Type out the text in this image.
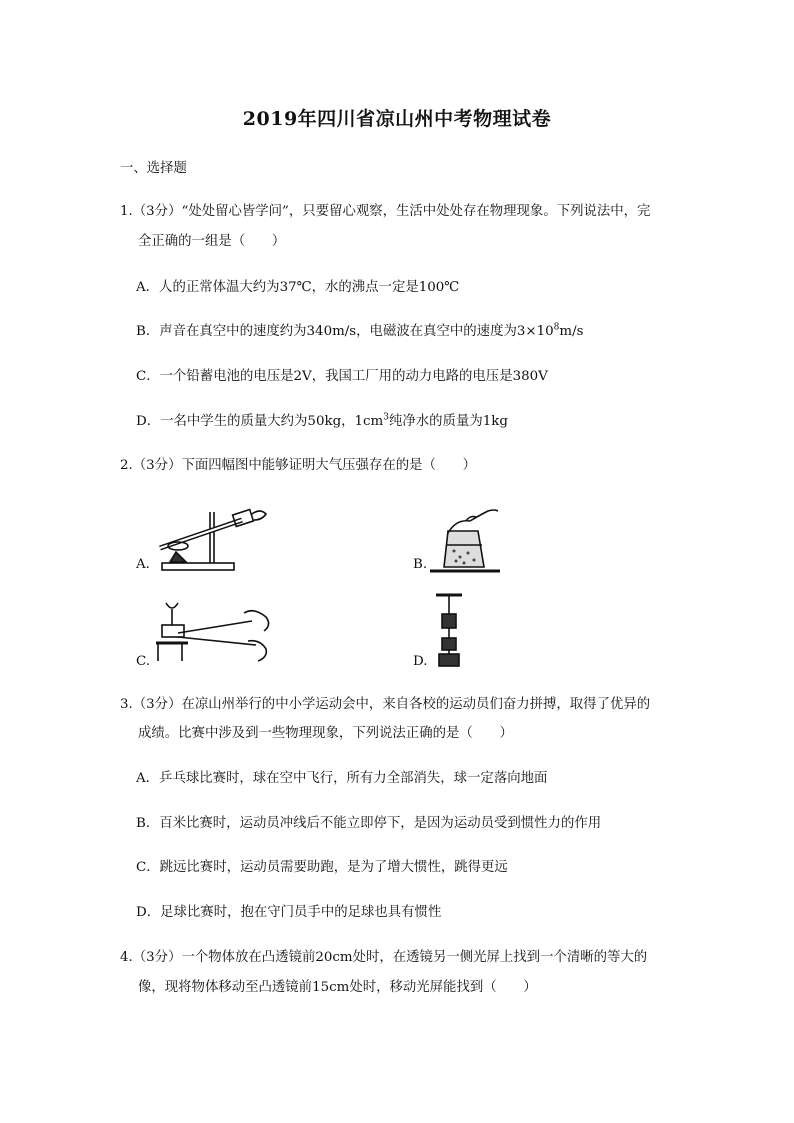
2019年四川省凉山州中考物理试卷
一、选择题
1.（3分）“处处留心皆学问”，只要留心观察，生活中处处存在物理现象。下列说法中，完
全正确的一组是（　　）
A．人的正常体温大约为37℃，水的沸点一定是100℃
B．声音在真空中的速度约为340m/s，电磁波在真空中的速度为$3\times 10^8m/s$
C．一个铅蓄电池的电压是2V，我国工厂用的动力电路的电压是380V
D．一名中学生的质量大约为50kg，$1cm^3$纯净水的质量为1kg
2.（3分）下面四幅图中能够证明大气压强存在的是（　　）
A.	B.
C.	D.
3.（3分）在凉山州举行的中小学运动会中，来自各校的运动员们奋力拼搏，取得了优异的
成绩。比赛中涉及到一些物理现象，下列说法正确的是（　　）
A．乒乓球比赛时，球在空中飞行，所有力全部消失，球一定落向地面
B．百米比赛时，运动员冲线后不能立即停下，是因为运动员受到惯性力的作用
C．跳远比赛时，运动员需要助跑，是为了增大惯性，跳得更远
D．足球比赛时，抱在守门员手中的足球也具有惯性
4.（3分）一个物体放在凸透镜前20cm处时，在透镜另一侧光屏上找到一个清晰的等大的
像，现将物体移动至凸透镜前15cm处时，移动光屏能找到（　　）
